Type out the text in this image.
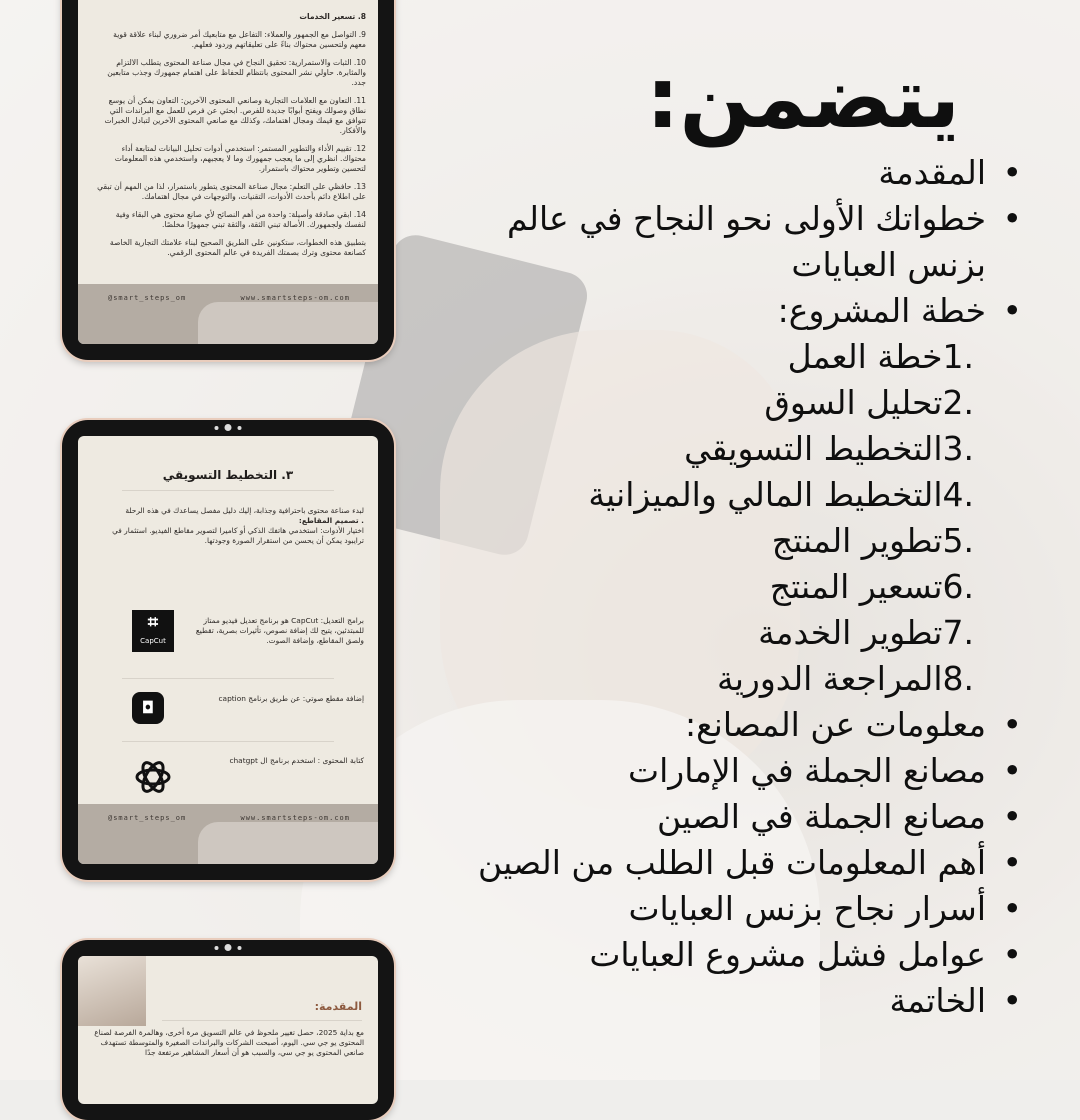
8. تسعير الخدمات

9. التواصل مع الجمهور والعملاء: التفاعل مع متابعيك أمر ضروري لبناء علاقة قوية معهم ولتحسين محتواك بناءً على تعليقاتهم وردود فعلهم.

10. الثبات والاستمرارية: تحقيق النجاح في مجال صناعة المحتوى يتطلب الالتزام والمثابرة. حاولي نشر المحتوى بانتظام للحفاظ على اهتمام جمهورك وجذب متابعين جدد.

11. التعاون مع العلامات التجارية وصانعي المحتوى الآخرين: التعاون يمكن أن يوسع نطاق وصولك ويفتح أبوابًا جديدة للفرص. ابحثي عن فرص للعمل مع البراندات التي تتوافق مع قيمك ومجال اهتمامك، وكذلك مع صانعي المحتوى الآخرين لتبادل الخبرات والأفكار.

12. تقييم الأداء والتطوير المستمر: استخدمي أدوات تحليل البيانات لمتابعة أداء محتواك. انظري إلى ما يعجب جمهورك وما لا يعجبهم، واستخدمي هذه المعلومات لتحسين وتطوير محتواك باستمرار.

13. حافظي على التعلم: مجال صناعة المحتوى يتطور باستمرار، لذا من المهم أن تبقي على اطلاع دائم بأحدث الأدوات، التقنيات، والتوجهات في مجال اهتمامك.

14. ابقي صادقة وأصيلة: واحدة من أهم النصائح لأي صانع محتوى هي البقاء وفية لنفسك ولجمهورك. الأصالة تبني الثقة، والثقة تبني جمهورًا مخلصًا.

بتطبيق هذه الخطوات، ستكونين على الطريق الصحيح لبناء علامتك التجارية الخاصة كصانعة محتوى وترك بصمتك الفريدة في عالم المحتوى الرقمي.

@smart_steps_om	www.smartsteps-om.com
٣. التخطيط التسويقي
لبدء صناعة محتوى باحترافية وجذابة، إليك دليل مفصل يساعدك في هذه الرحلة
. تصميم المقاطع:
اختيار الأدوات: استخدمي هاتفك الذكي أو كاميرا لتصوير مقاطع الفيديو. استثمار في ترايبود يمكن أن يحسن من استقرار الصورة وجودتها.
⌗
CapCut
برامج التعديل: CapCut هو برنامج تعديل فيديو ممتاز للمبتدئين، يتيح لك إضافة نصوص، تأثيرات بصرية، تقطيع ولصق المقاطع، وإضافة الصوت.
◘	إضافة مقطع صوتي: عن طريق برنامج caption
كتابة المحتوى : استخدم برنامج ال chatgpt
@smart_steps_om	www.smartsteps-om.com
المقدمة:
مع بداية 2025، حصل تغيير ملحوظ في عالم التسويق مرة أخرى، وهالمرة الفرصة لصناع المحتوى يو جي سي. اليوم، أصبحت الشركات والبراندات الصغيرة والمتوسطة تستهدف صانعي المحتوى يو جي سي، والسبب هو أن أسعار المشاهير مرتفعة جدًا
يتضمن:
•
المقدمة
•
خطواتك الأولى نحو النجاح في عالم بزنس العبايات
•
خطة المشروع:
خطة العمل1.
تحليل السوق2.
التخطيط التسويقي3.
التخطيط المالي والميزانية4.
تطوير المنتج5.
تسعير المنتج6.
تطوير الخدمة7.
المراجعة الدورية8.
•
معلومات عن المصانع:
•
مصانع الجملة في الإمارات
•
مصانع الجملة في الصين
•
أهم المعلومات قبل الطلب من الصين
•
أسرار نجاح بزنس العبايات
•
عوامل فشل مشروع العبايات
•
الخاتمة
